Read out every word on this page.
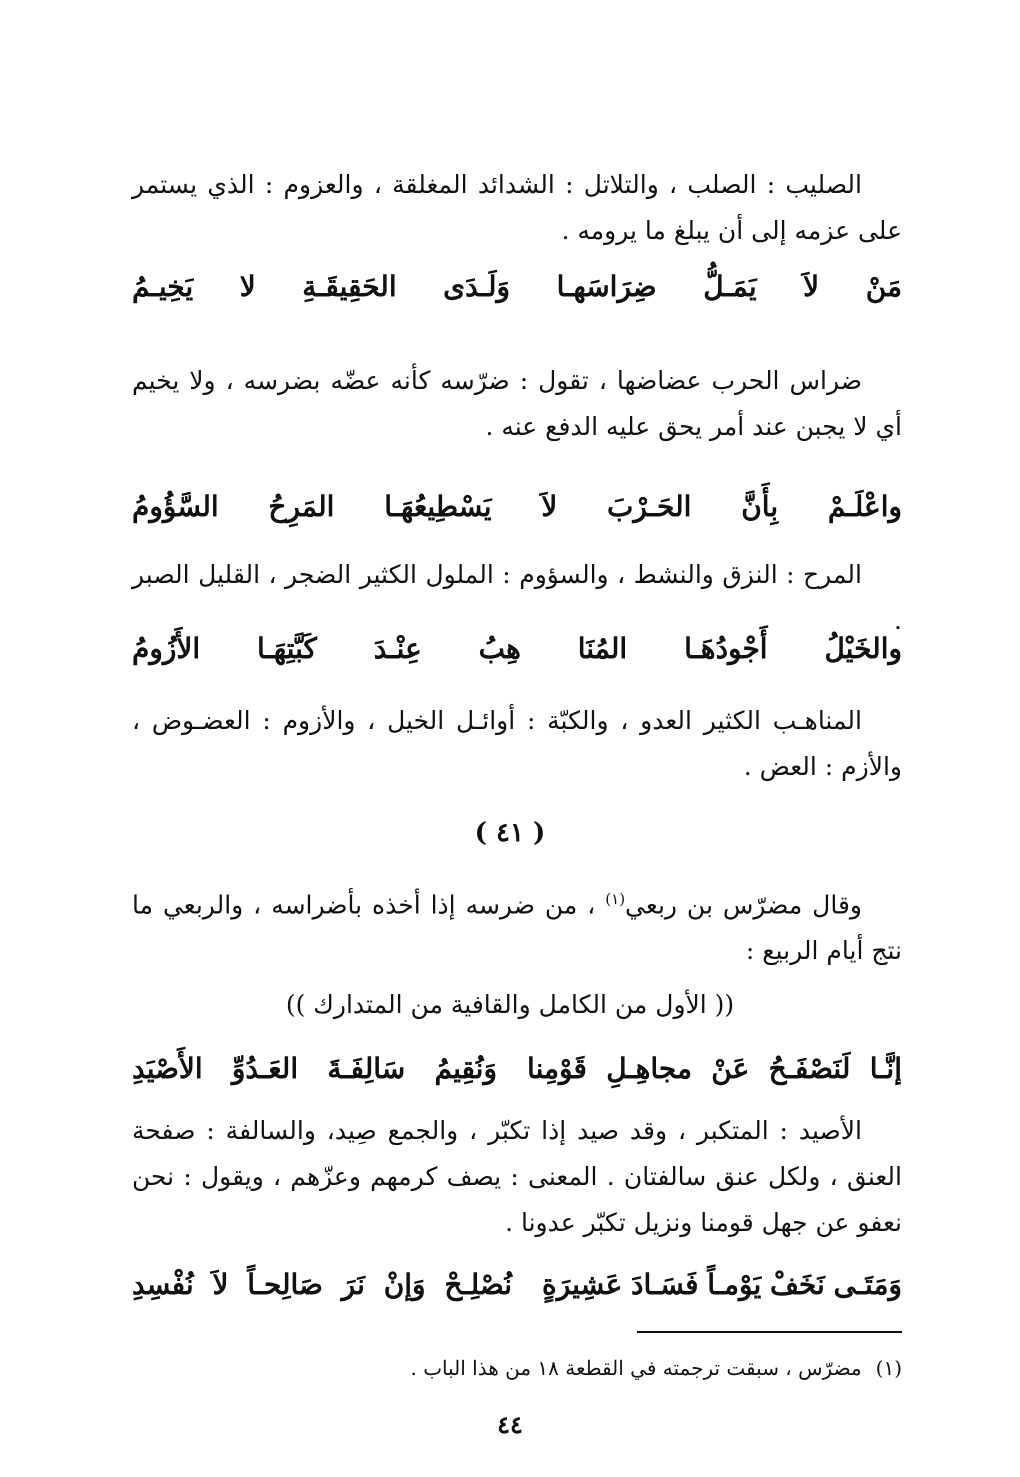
الصليب : الصلب ، والتلاتل : الشدائد المغلقة ، والعزوم : الذي يستمر على عزمه إلى أن يبلغ ما يرومه .

مَنْ
لاَ
يَمَـلُّ
ضِرَاسَهـا
وَلَـدَى
الحَقِيقَـةِ
لا
يَخِيـمُ

ضراس الحرب عضاضها ، تقول : ضرّسه كأنه عضّه بضرسه ، ولا يخيم أي لا يجبن عند أمر يحق عليه الدفع عنه .

واعْلَـمْ
بِأَنَّ
الحَـرْبَ
لاَ
يَسْطِيعُهَـا
المَرِحُ
السَّؤُومُ

المرح : النزق والنشط ، والسؤوم : الملول الكثير الضجر ، القليل الصبر .

والخَيْلُ
أَجْودُهَـا
المُنَا
هِبُ
عِنْـدَ
كَبَّتِهَـا
الأَزُومُ

المناهـب الكثير العدو ، والكبّة : أوائـل الخيل ، والأزوم : العضـوض ، والأزم : العض .

( ٤١ )

وقال مضرّس بن ربعي$^{(١)}$ ، من ضرسه إذا أخذه بأضراسه ، والربعي ما نتج أيام الربيع :

(( الأول من الكامل والقافية من المتدارك ))
إنَّـا
لَنَصْفَـحُ
عَنْ
مجاهِـلِ
قَوْمِنا
وَنُقِيمُ
سَالِفَـةَ
العَـدُوِّ
الأَصْيَدِ

الأصيد : المتكبر ، وقد صيد إذا تكبّر ، والجمع صِيد، والسالفة : صفحة العنق ، ولكل عنق سالفتان . المعنى : يصف كرمهم وعزّهم ، ويقول : نحن نعفو عن جهل قومنا ونزيل تكبّر عدونا .

وَمَتَـى
نَخَفْ
يَوْمـاً
فَسَـادَ
عَشِيرَةٍ
نُصْلِـحْ
وَإنْ
نَرَ
صَالِحـاً
لاَ
نُفْسِدِ
(١)مضرّس ، سبقت ترجمته في القطعة ١٨ من هذا الباب .
٤٤
